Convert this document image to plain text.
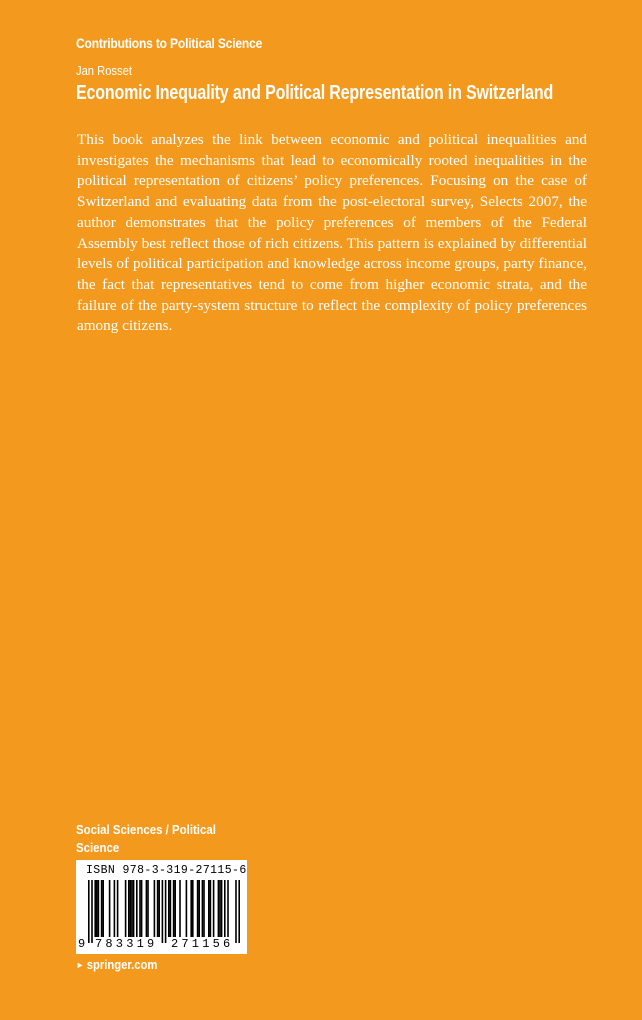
Contributions to Political Science
Jan Rosset
Economic Inequality and Political Representation in Switzerland
This book analyzes the link between economic and political inequalities and investigates the mechanisms that lead to economically rooted inequalities in the political representation of citizens’ policy preferences. Focusing on the case of Switzerland and evaluating data from the post-electoral survey, Selects 2007, the author demonstrates that the policy preferences of members of the Federal Assembly best reflect those of rich citizens. This pattern is explained by differential levels of political participation and knowledge across income groups, party finance, the fact that representatives tend to come from higher economic strata, and the failure of the party-system structure to reflect the complexity of policy preferences among citizens.
Social Sciences / Political Science
ISBN 978-3-319-27115-6
9 783319 271156
► springer.com
